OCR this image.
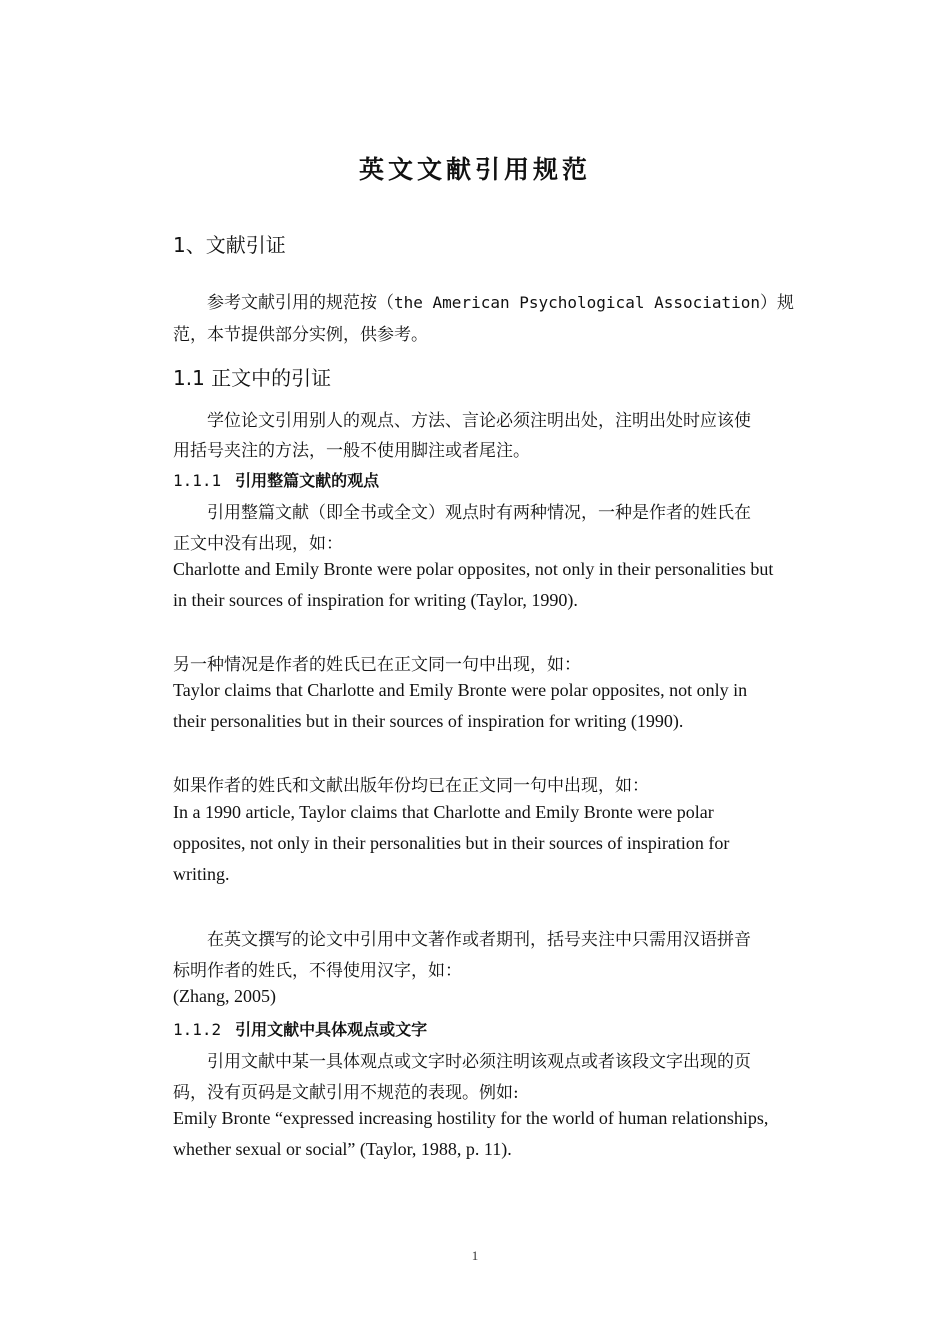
英文文献引用规范
1、文献引证
参考文献引用的规范按（the American Psychological Association）规
范，本节提供部分实例，供参考。
1.1 正文中的引证
学位论文引用别人的观点、方法、言论必须注明出处，注明出处时应该使
用括号夹注的方法，一般不使用脚注或者尾注。
1.1.1 引用整篇文献的观点
引用整篇文献（即全书或全文）观点时有两种情况，一种是作者的姓氏在
正文中没有出现，如：
Charlotte and Emily Bronte were polar opposites, not only in their personalities but
in their sources of inspiration for writing (Taylor, 1990).
另一种情况是作者的姓氏已在正文同一句中出现，如：
Taylor claims that Charlotte and Emily Bronte were polar opposites, not only in
their personalities but in their sources of inspiration for writing (1990).
如果作者的姓氏和文献出版年份均已在正文同一句中出现，如：
In a 1990 article, Taylor claims that Charlotte and Emily Bronte were polar
opposites, not only in their personalities but in their sources of inspiration for
writing.
在英文撰写的论文中引用中文著作或者期刊，括号夹注中只需用汉语拼音
标明作者的姓氏，不得使用汉字，如：
(Zhang, 2005)
1.1.2 引用文献中具体观点或文字
引用文献中某一具体观点或文字时必须注明该观点或者该段文字出现的页
码，没有页码是文献引用不规范的表现。例如:
Emily Bronte “expressed increasing hostility for the world of human relationships,
whether sexual or social” (Taylor, 1988, p. 11).
1
